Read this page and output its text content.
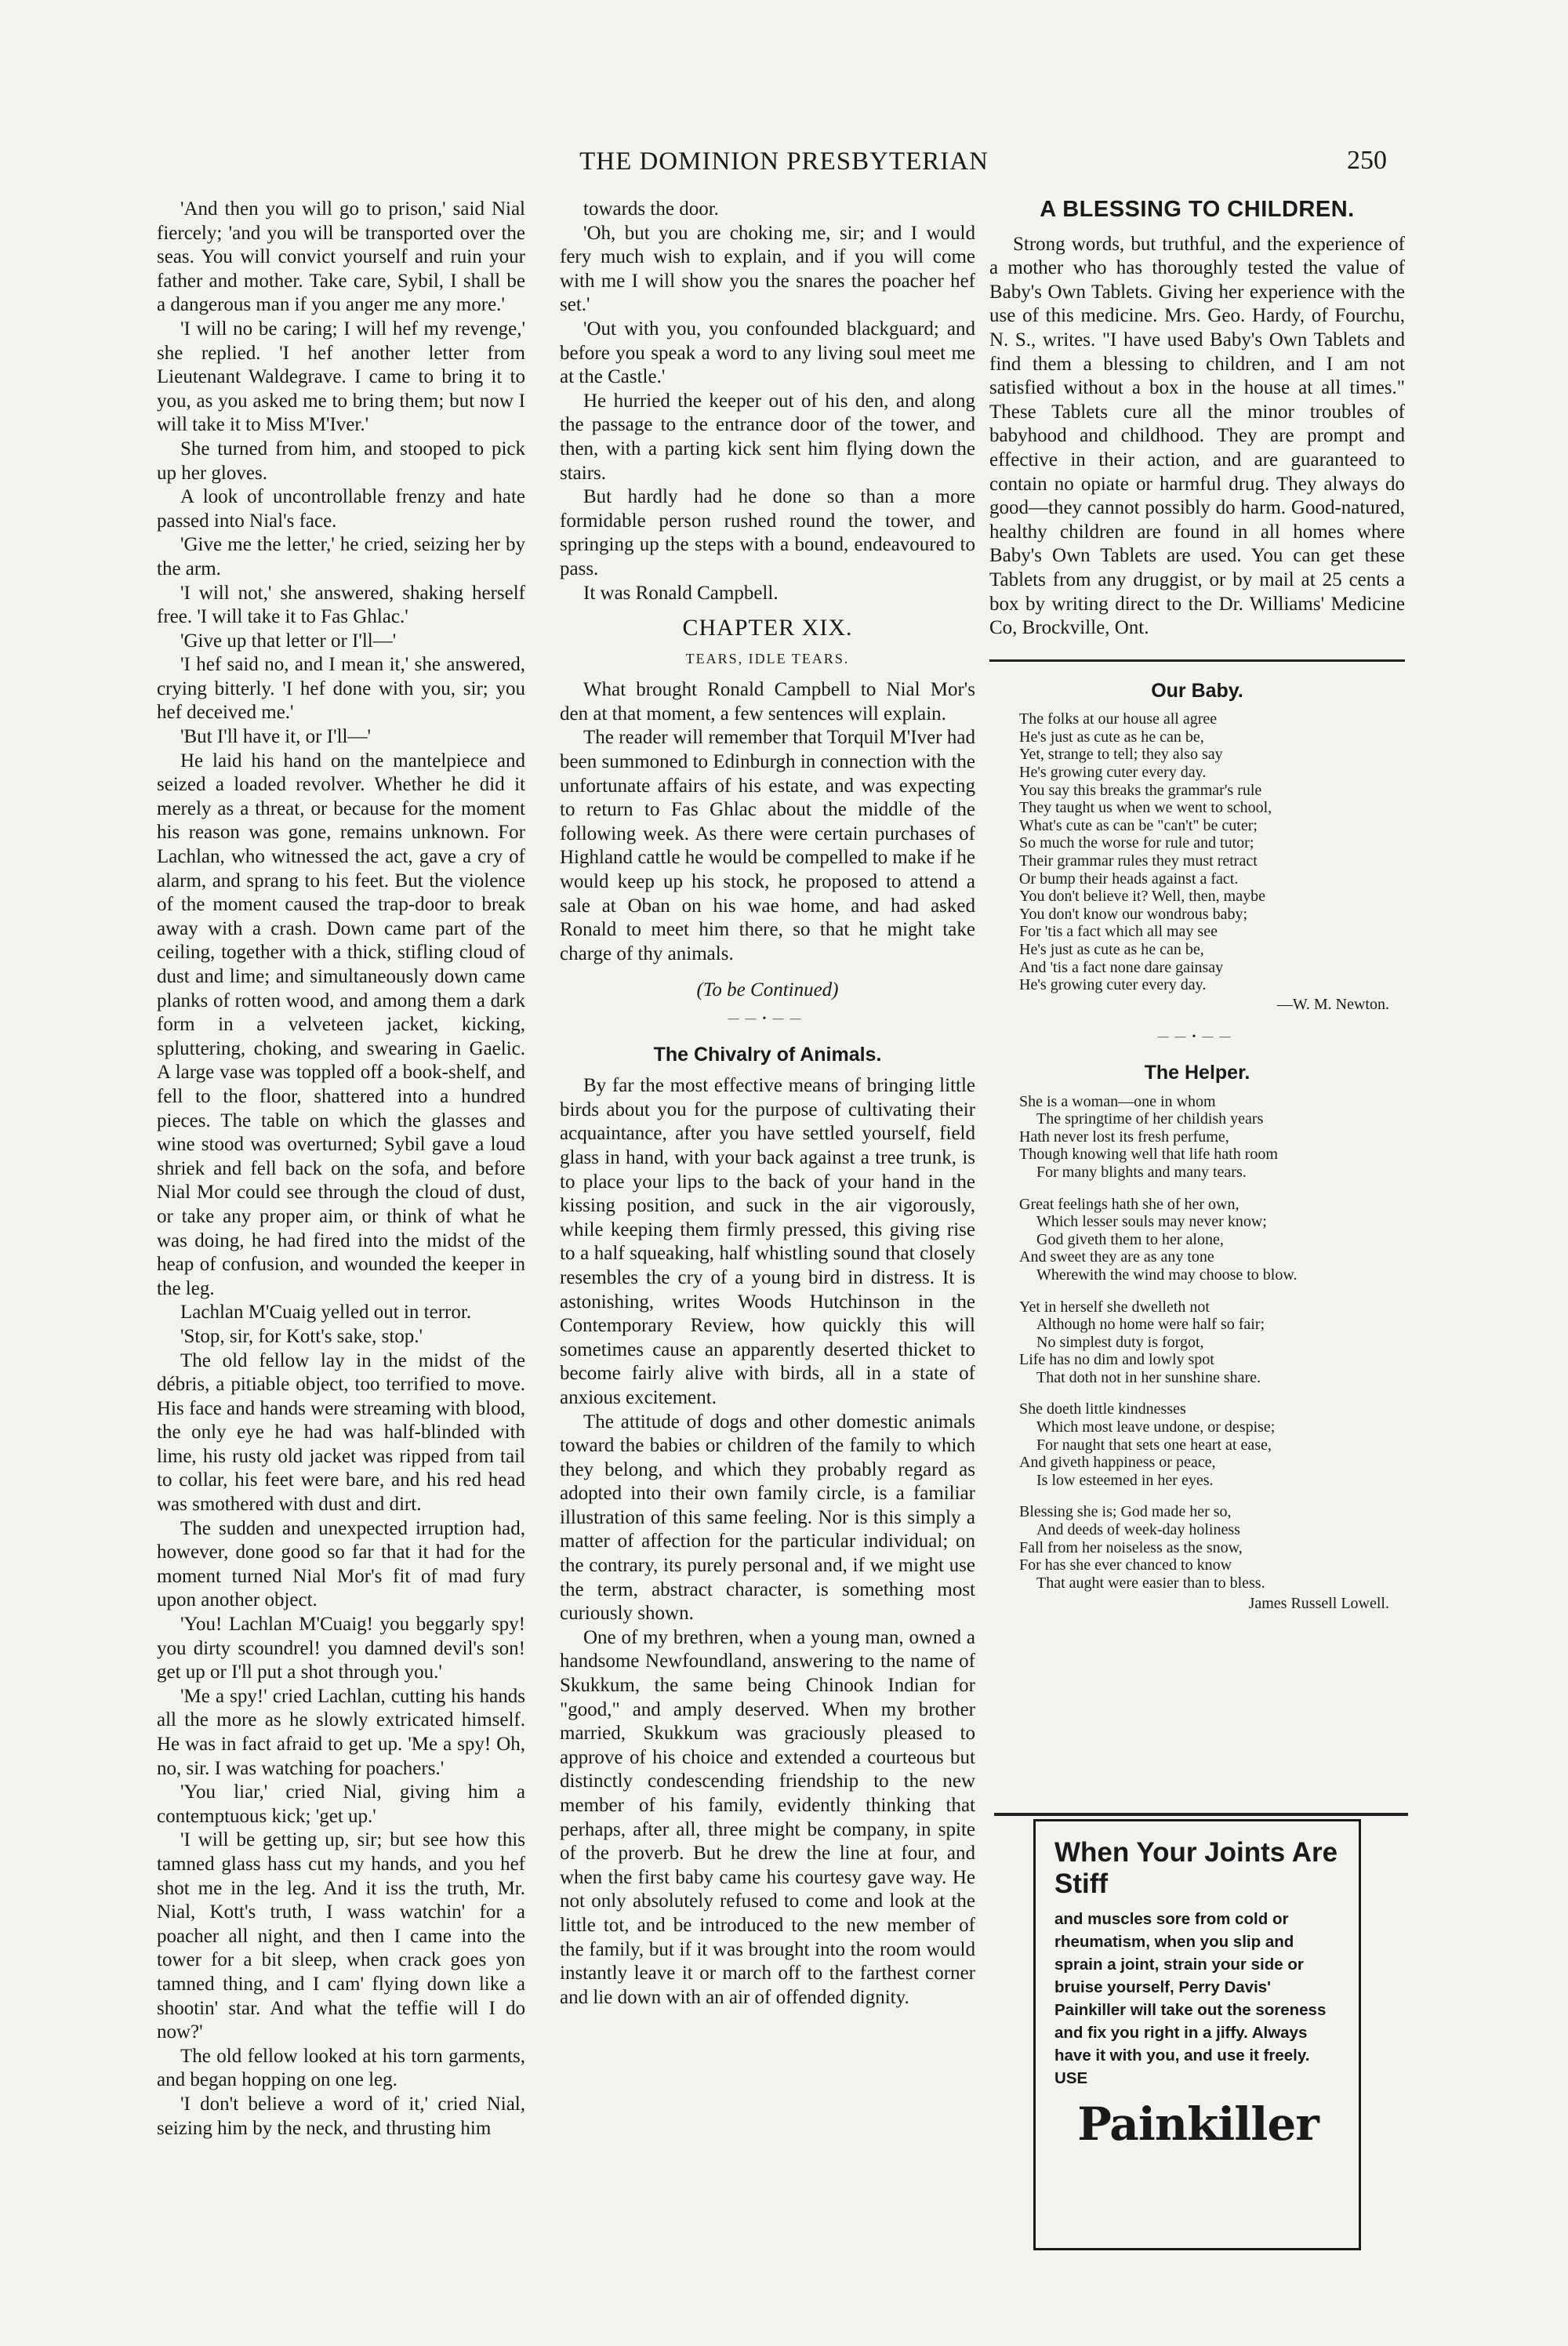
THE DOMINION PRESBYTERIAN	250

'And then you will go to prison,' said Nial fiercely; 'and you will be transported over the seas. You will convict yourself and ruin your father and mother. Take care, Sybil, I shall be a dangerous man if you anger me any more.'

'I will no be caring; I will hef my revenge,' she replied. 'I hef another letter from Lieutenant Waldegrave. I came to bring it to you, as you asked me to bring them; but now I will take it to Miss M'Iver.'

She turned from him, and stooped to pick up her gloves.

A look of uncontrollable frenzy and hate passed into Nial's face.

'Give me the letter,' he cried, seizing her by the arm.

'I will not,' she answered, shaking herself free. 'I will take it to Fas Ghlac.'

'Give up that letter or I'll—'

'I hef said no, and I mean it,' she answered, crying bitterly. 'I hef done with you, sir; you hef deceived me.'

'But I'll have it, or I'll—'

He laid his hand on the mantelpiece and seized a loaded revolver. Whether he did it merely as a threat, or because for the moment his reason was gone, remains unknown. For Lachlan, who witnessed the act, gave a cry of alarm, and sprang to his feet. But the violence of the moment caused the trap-door to break away with a crash. Down came part of the ceiling, together with a thick, stifling cloud of dust and lime; and simultaneously down came planks of rotten wood, and among them a dark form in a velveteen jacket, kicking, spluttering, choking, and swearing in Gaelic. A large vase was toppled off a book-shelf, and fell to the floor, shattered into a hundred pieces. The table on which the glasses and wine stood was overturned; Sybil gave a loud shriek and fell back on the sofa, and before Nial Mor could see through the cloud of dust, or take any proper aim, or think of what he was doing, he had fired into the midst of the heap of confusion, and wounded the keeper in the leg.

Lachlan M'Cuaig yelled out in terror.

'Stop, sir, for Kott's sake, stop.'

The old fellow lay in the midst of the débris, a pitiable object, too terrified to move. His face and hands were streaming with blood, the only eye he had was half-blinded with lime, his rusty old jacket was ripped from tail to collar, his feet were bare, and his red head was smothered with dust and dirt.

The sudden and unexpected irruption had, however, done good so far that it had for the moment turned Nial Mor's fit of mad fury upon another object.

'You! Lachlan M'Cuaig! you beggarly spy! you dirty scoundrel! you damned devil's son! get up or I'll put a shot through you.'

'Me a spy!' cried Lachlan, cutting his hands all the more as he slowly extricated himself. He was in fact afraid to get up. 'Me a spy! Oh, no, sir. I was watching for poachers.'

'You liar,' cried Nial, giving him a contemptuous kick; 'get up.'

'I will be getting up, sir; but see how this tamned glass hass cut my hands, and you hef shot me in the leg. And it iss the truth, Mr. Nial, Kott's truth, I wass watchin' for a poacher all night, and then I came into the tower for a bit sleep, when crack goes yon tamned thing, and I cam' flying down like a shootin' star. And what the teffie will I do now?'

The old fellow looked at his torn garments, and began hopping on one leg.

'I don't believe a word of it,' cried Nial, seizing him by the neck, and thrusting him

towards the door.

'Oh, but you are choking me, sir; and I would fery much wish to explain, and if you will come with me I will show you the snares the poacher hef set.'

'Out with you, you confounded blackguard; and before you speak a word to any living soul meet me at the Castle.'

He hurried the keeper out of his den, and along the passage to the entrance door of the tower, and then, with a parting kick sent him flying down the stairs.

But hardly had he done so than a more formidable person rushed round the tower, and springing up the steps with a bound, endeavoured to pass.

It was Ronald Campbell.

CHAPTER XIX.
TEARS, IDLE TEARS.

What brought Ronald Campbell to Nial Mor's den at that moment, a few sentences will explain.

The reader will remember that Torquil M'Iver had been summoned to Edinburgh in connection with the unfortunate affairs of his estate, and was expecting to return to Fas Ghlac about the middle of the following week. As there were certain purchases of Highland cattle he would be compelled to make if he would keep up his stock, he proposed to attend a sale at Oban on his wae home, and had asked Ronald to meet him there, so that he might take charge of thy animals.

(To be Continued)
——•——
The Chivalry of Animals.

By far the most effective means of bringing little birds about you for the purpose of cultivating their acquaintance, after you have settled yourself, field glass in hand, with your back against a tree trunk, is to place your lips to the back of your hand in the kissing position, and suck in the air vigorously, while keeping them firmly pressed, this giving rise to a half squeaking, half whistling sound that closely resembles the cry of a young bird in distress. It is astonishing, writes Woods Hutchinson in the Contemporary Review, how quickly this will sometimes cause an apparently deserted thicket to become fairly alive with birds, all in a state of anxious excitement.

The attitude of dogs and other domestic animals toward the babies or children of the family to which they belong, and which they probably regard as adopted into their own family circle, is a familiar illustration of this same feeling. Nor is this simply a matter of affection for the particular individual; on the contrary, its purely personal and, if we might use the term, abstract character, is something most curiously shown.

One of my brethren, when a young man, owned a handsome Newfoundland, answering to the name of Skukkum, the same being Chinook Indian for "good," and amply deserved. When my brother married, Skukkum was graciously pleased to approve of his choice and extended a courteous but distinctly condescending friendship to the new member of his family, evidently thinking that perhaps, after all, three might be company, in spite of the proverb. But he drew the line at four, and when the first baby came his courtesy gave way. He not only absolutely refused to come and look at the little tot, and be introduced to the new member of the family, but if it was brought into the room would instantly leave it or march off to the farthest corner and lie down with an air of offended dignity.

A BLESSING TO CHILDREN.

Strong words, but truthful, and the experience of a mother who has thoroughly tested the value of Baby's Own Tablets. Giving her experience with the use of this medicine. Mrs. Geo. Hardy, of Fourchu, N. S., writes. "I have used Baby's Own Tablets and find them a blessing to children, and I am not satisfied without a box in the house at all times." These Tablets cure all the minor troubles of babyhood and childhood. They are prompt and effective in their action, and are guaranteed to contain no opiate or harmful drug. They always do good—they cannot possibly do harm. Good-natured, healthy children are found in all homes where Baby's Own Tablets are used. You can get these Tablets from any druggist, or by mail at 25 cents a box by writing direct to the Dr. Williams' Medicine Co, Brockville, Ont.

Our Baby.
The folks at our house all agree
He's just as cute as he can be,
Yet, strange to tell; they also say
He's growing cuter every day.
You say this breaks the grammar's rule
They taught us when we went to school,
What's cute as can be "can't" be cuter;
So much the worse for rule and tutor;
Their grammar rules they must retract
Or bump their heads against a fact.
You don't believe it? Well, then, maybe
You don't know our wondrous baby;
For 'tis a fact which all may see
He's just as cute as he can be,
And 'tis a fact none dare gainsay
He's growing cuter every day.
—W. M. Newton.
——•——
The Helper.
She is a woman—one in whom
The springtime of her childish years
Hath never lost its fresh perfume,
Though knowing well that life hath room
For many blights and many tears.
Great feelings hath she of her own,
Which lesser souls may never know;
God giveth them to her alone,
And sweet they are as any tone
Wherewith the wind may choose to blow.
Yet in herself she dwelleth not
Although no home were half so fair;
No simplest duty is forgot,
Life has no dim and lowly spot
That doth not in her sunshine share.
She doeth little kindnesses
Which most leave undone, or despise;
For naught that sets one heart at ease,
And giveth happiness or peace,
Is low esteemed in her eyes.
Blessing she is; God made her so,
And deeds of week-day holiness
Fall from her noiseless as the snow,
For has she ever chanced to know
That aught were easier than to bless.
James Russell Lowell.
When Your Joints Are Stiff
and muscles sore from cold or rheumatism, when you slip and sprain a joint, strain your side or bruise yourself, Perry Davis' Painkiller will take out the soreness and fix you right in a jiffy. Always have it with you, and use it freely. USE
Painkiller
